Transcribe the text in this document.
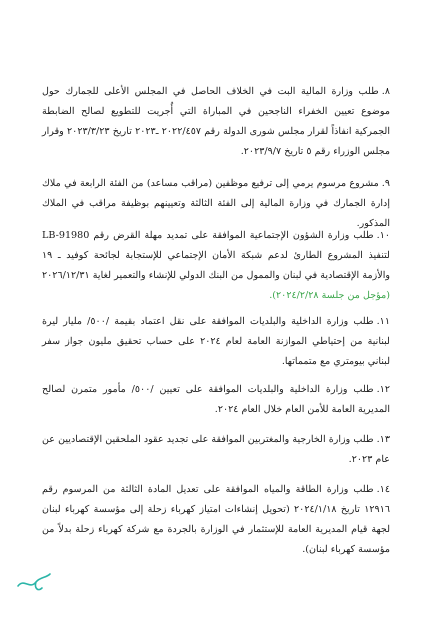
٨.طلب وزارة المالية البت في الخلاف الحاصل في المجلس الأعلى للجمارك حول موضوع تعيين الخفراء الناجحين في المباراة التي أُجريت للتطويع لصالح الضابطة الجمركية انفاذاً لقرار مجلس شورى الدولة رقم ٢٠٢٢/٤٥٧ ـ٢٠٢٣ تاريخ ٢٠٢٣/٣/٢٣ وقرار مجلس الوزراء رقم ٥ تاريخ ٢٠٢٣/٩/٧.
٩.مشروع مرسوم يرمي إلى ترفيع موظفين (مراقب مساعد) من الفئة الرابعة في ملاك إدارة الجمارك في وزارة المالية إلى الفئة الثالثة وتعيينهم بوظيفة مراقب في الملاك المذكور.
١٠.طلب وزارة الشؤون الإجتماعية الموافقة على تمديد مهلة القرض رقم LB-91980 لتنفيذ المشروع الطارئ لدعم شبكة الأمان الإجتماعي للإستجابة لجائحة كوفيد ـ ١٩ والأزمة الإقتصادية في لبنان والممول من البنك الدولي للإنشاء والتعمير لغاية ٢٠٢٦/١٢/٣١ (مؤجل من جلسة ٢٠٢٤/٢/٢٨).
١١.طلب وزارة الداخلية والبلديات الموافقة على نقل اعتماد بقيمة /٥٠٠/ مليار ليرة لبنانية من إحتياطي الموازنة العامة لعام ٢٠٢٤ على حساب تحقيق مليون جواز سفر لبناني بيومتري مع متمماتها.
١٢.طلب وزارة الداخلية والبلديات الموافقة على تعيين /٥٠٠/ مأمور متمرن لصالح المديرية العامة للأمن العام خلال العام ٢٠٢٤.
١٣.طلب وزارة الخارجية والمغتربين الموافقة على تجديد عقود الملحقين الإقتصاديين عن عام ٢٠٢٣.
١٤.طلب وزارة الطاقة والمياه الموافقة على تعديل المادة الثالثة من المرسوم رقم ١٢٩١٦ تاريخ ٢٠٢٤/١/١٨ (تحويل إنشاءات امتياز كهرباء زحلة إلى مؤسسة كهرباء لبنان لجهة قيام المديرية العامة للإستثمار في الوزارة بالجردة مع شركة كهرباء زحلة بدلاً من مؤسسة كهرباء لبنان).
